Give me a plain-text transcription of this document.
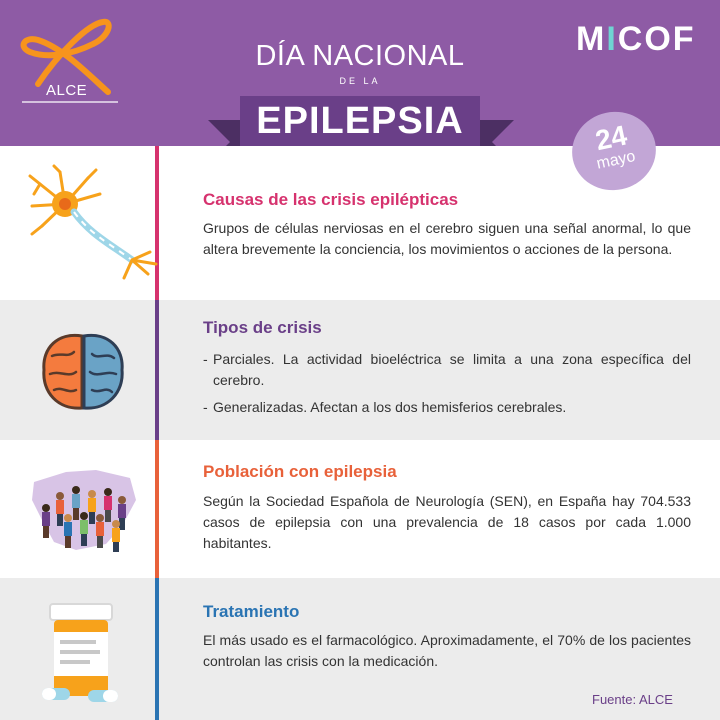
ALCE
MICOF
DÍA NACIONAL
DE LA
EPILEPSIA
Causas de las crisis epilépticas
Grupos de células nerviosas en el cerebro siguen una señal anormal, lo que altera brevemente la conciencia, los movimientos o acciones de la persona.
Tipos de crisis
- Parciales. La actividad bioeléctrica se limita a una zona específica del cerebro.
- Generalizadas. Afectan a los dos hemisferios cerebrales.
Población con epilepsia
Según la Sociedad Española de Neurología (SEN), en España hay 704.533 casos de epilepsia con una prevalencia de 18 casos por cada 1.000 habitantes.
Tratamiento
El más usado es el farmacológico. Aproximadamente, el 70% de los pacientes controlan las crisis con la medicación.
Fuente: ALCE
24
mayo
